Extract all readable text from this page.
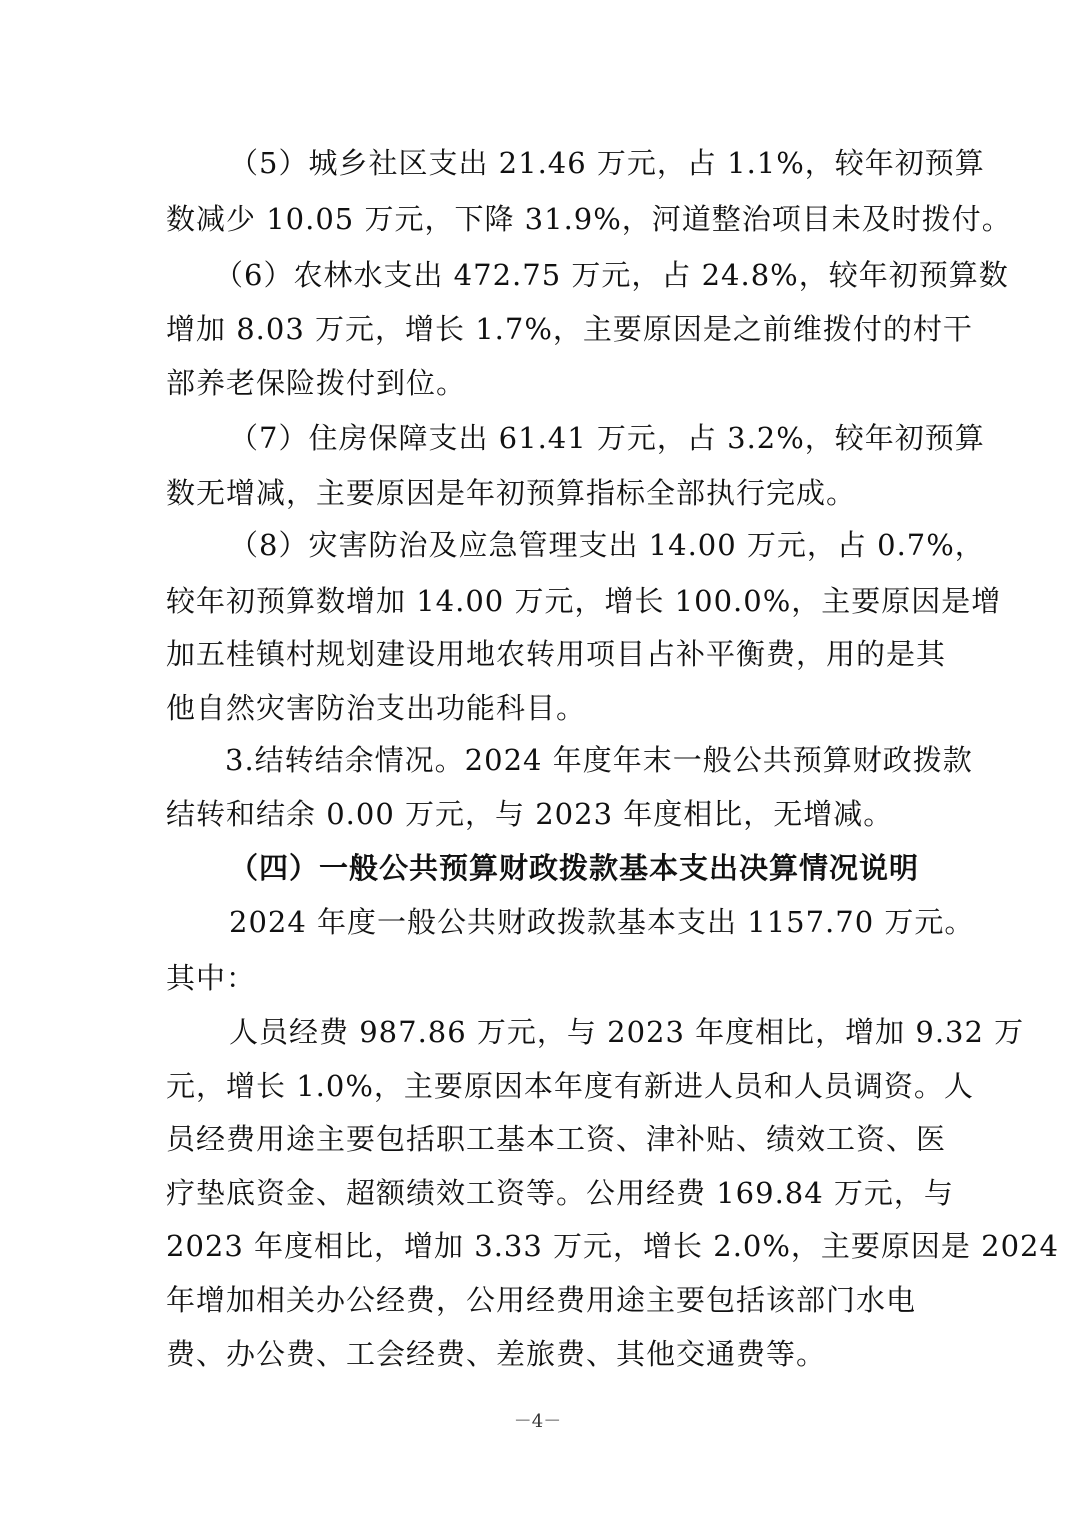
（5）城乡社区支出 21.46 万元，占 1.1%，较年初预算
数减少 10.05 万元，下降 31.9%，河道整治项目未及时拨付。
（6）农林水支出 472.75 万元，占 24.8%，较年初预算数
增加 8.03 万元，增长 1.7%，主要原因是之前维拨付的村干
部养老保险拨付到位。
（7）住房保障支出 61.41 万元，占 3.2%，较年初预算
数无增减，主要原因是年初预算指标全部执行完成。
（8）灾害防治及应急管理支出 14.00 万元，占 0.7%，
较年初预算数增加 14.00 万元，增长 100.0%，主要原因是增
加五桂镇村规划建设用地农转用项目占补平衡费，用的是其
他自然灾害防治支出功能科目。
3.结转结余情况。2024 年度年末一般公共预算财政拨款
结转和结余 0.00 万元，与 2023 年度相比，无增减。
（四）一般公共预算财政拨款基本支出决算情况说明
2024 年度一般公共财政拨款基本支出 1157.70 万元。
其中：
人员经费 987.86 万元，与 2023 年度相比，增加 9.32 万
元，增长 1.0%，主要原因本年度有新进人员和人员调资。人
员经费用途主要包括职工基本工资、津补贴、绩效工资、医
疗垫底资金、超额绩效工资等。公用经费 169.84 万元，与
2023 年度相比，增加 3.33 万元，增长 2.0%，主要原因是 2024
年增加相关办公经费，公用经费用途主要包括该部门水电
费、办公费、工会经费、差旅费、其他交通费等。
－4－
